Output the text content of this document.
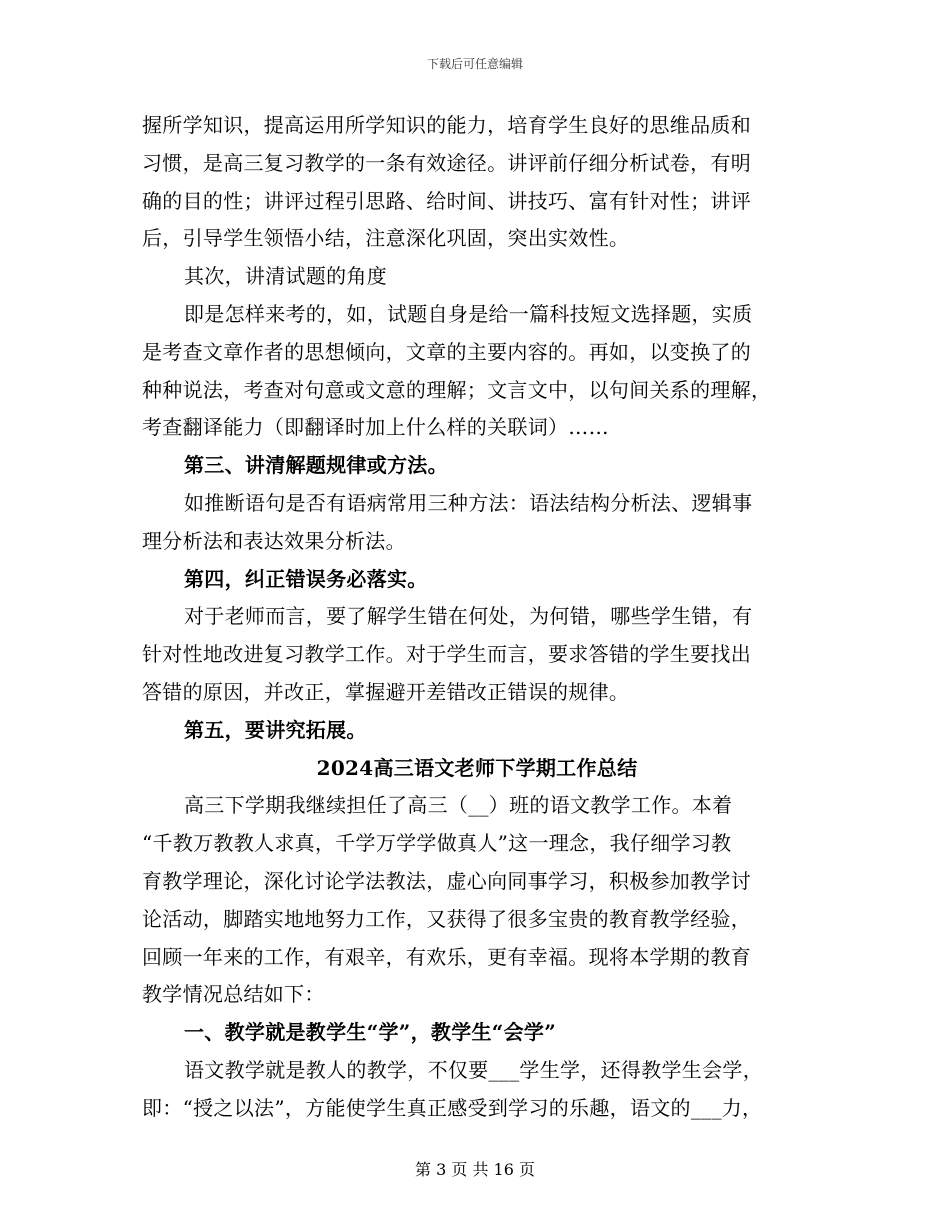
下载后可任意编辑

握所学知识，提高运用所学知识的能力，培育学生良好的思维品质和

习惯，是高三复习教学的一条有效途径。讲评前仔细分析试卷，有明

确的目的性；讲评过程引思路、给时间、讲技巧、富有针对性；讲评

后，引导学生领悟小结，注意深化巩固，突出实效性。

其次，讲清试题的角度

即是怎样来考的，如，试题自身是给一篇科技短文选择题，实质

是考查文章作者的思想倾向，文章的主要内容的。再如，以变换了的

种种说法，考查对句意或文意的理解；文言文中，以句间关系的理解，

考查翻译能力（即翻译时加上什么样的关联词）……

第三、讲清解题规律或方法。

如推断语句是否有语病常用三种方法：语法结构分析法、逻辑事

理分析法和表达效果分析法。

第四，纠正错误务必落实。

对于老师而言，要了解学生错在何处，为何错，哪些学生错，有

针对性地改进复习教学工作。对于学生而言，要求答错的学生要找出

答错的原因，并改正，掌握避开差错改正错误的规律。

第五，要讲究拓展。

2024高三语文老师下学期工作总结

高三下学期我继续担任了高三（__）班的语文教学工作。本着

“千教万教教人求真，千学万学学做真人”这一理念，我仔细学习教

育教学理论，深化讨论学法教法，虚心向同事学习，积极参加教学讨

论活动，脚踏实地地努力工作，又获得了很多宝贵的教育教学经验，

回顾一年来的工作，有艰辛，有欢乐，更有幸福。现将本学期的教育

教学情况总结如下：

一、教学就是教学生“学”，教学生“会学”

语文教学就是教人的教学，不仅要___学生学，还得教学生会学，

即：“授之以法”，方能使学生真正感受到学习的乐趣，语文的___力，

第 3 页 共 16 页
